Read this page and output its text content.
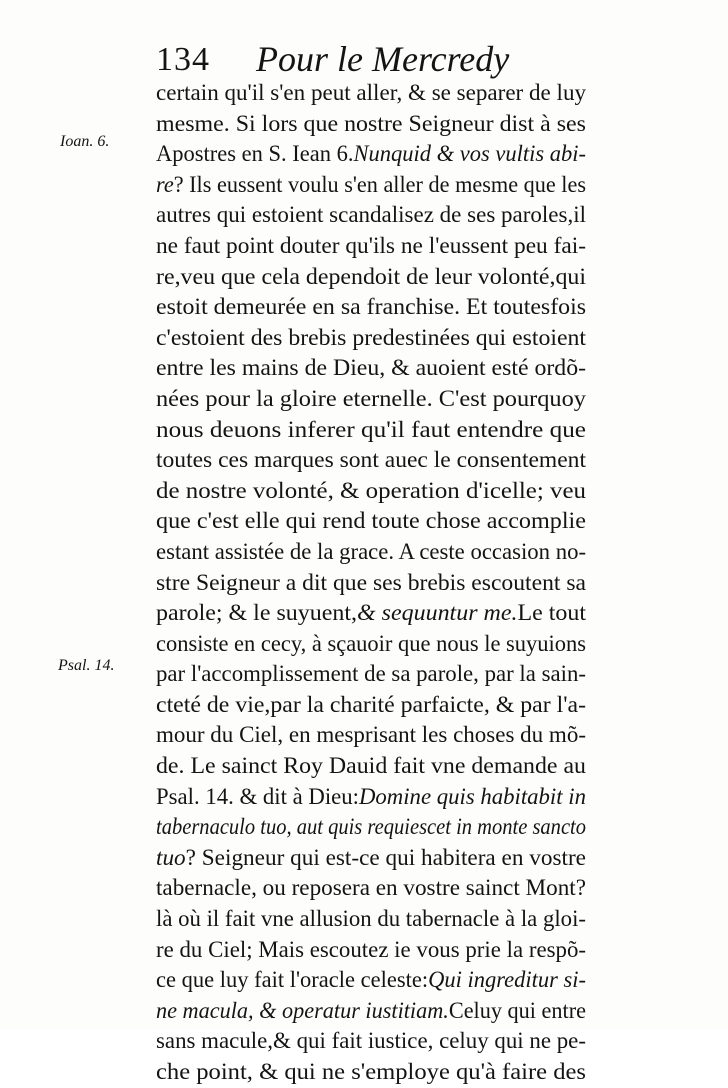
134 Pour le Mercredy
Ioan. 6.
Psal. 14.
certain qu'il s'en peut aller, & se separer de luy
mesme. Si lors que nostre Seigneur dist à ses
Apostres en S. Iean 6.Nunquid & vos vultis abi-
re? Ils eussent voulu s'en aller de mesme que les
autres qui estoient scandalisez de ses paroles,il
ne faut point douter qu'ils ne l'eussent peu fai-
re,veu que cela dependoit de leur volonté,qui
estoit demeurée en sa franchise. Et toutesfois
c'estoient des brebis predestinées qui estoient
entre les mains de Dieu, & auoient esté ordõ-
nées pour la gloire eternelle. C'est pourquoy
nous deuons inferer qu'il faut entendre que
toutes ces marques sont auec le consentement
de nostre volonté, & operation d'icelle; veu
que c'est elle qui rend toute chose accomplie
estant assistée de la grace. A ceste occasion no-
stre Seigneur a dit que ses brebis escoutent sa
parole; & le suyuent,& sequuntur me.Le tout
consiste en cecy, à sçauoir que nous le suyuions
par l'accomplissement de sa parole, par la sain-
cteté de vie,par la charité parfaicte, & par l'a-
mour du Ciel, en mesprisant les choses du mõ-
de. Le sainct Roy Dauid fait vne demande au
Psal. 14. & dit à Dieu:Domine quis habitabit in
tabernaculo tuo, aut quis requiescet in monte sancto
tuo? Seigneur qui est-ce qui habitera en vostre
tabernacle, ou reposera en vostre sainct Mont?
là où il fait vne allusion du tabernacle à la gloi-
re du Ciel; Mais escoutez ie vous prie la respõ-
ce que luy fait l'oracle celeste:Qui ingreditur si-
ne macula, & operatur iustitiam.Celuy qui entre
sans macule,& qui fait iustice, celuy qui ne pe-
che point, & qui ne s'employe qu'à faire des
